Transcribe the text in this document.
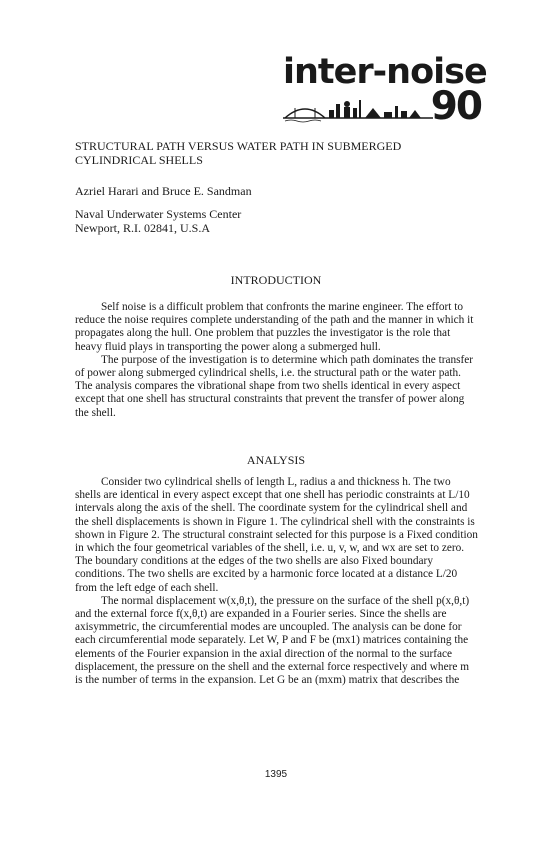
inter-noise
90
STRUCTURAL PATH VERSUS WATER PATH IN SUBMERGED
CYLINDRICAL SHELLS
Azriel Harari and Bruce E. Sandman
Naval Underwater Systems Center
Newport, R.I. 02841, U.S.A
INTRODUCTION

Self noise is a difficult problem that confronts the marine engineer. The effort to reduce the noise requires complete understanding of the path and the manner in which it propagates along the hull. One problem that puzzles the investigator is the role that heavy fluid plays in transporting the power along a submerged hull.

The purpose of the investigation is to determine which path dominates the transfer of power along submerged cylindrical shells, i.e. the structural path or the water path. The analysis compares the vibrational shape from two shells identical in every aspect except that one shell has structural constraints that prevent the transfer of power along the shell.

ANALYSIS

Consider two cylindrical shells of length L, radius a and thickness h. The two shells are identical in every aspect except that one shell has periodic constraints at L/10 intervals along the axis of the shell. The coordinate system for the cylindrical shell and the shell displacements is shown in Figure 1. The cylindrical shell with the constraints is shown in Figure 2. The structural constraint selected for this purpose is a Fixed condition in which the four geometrical variables of the shell, i.e. u, v, w, and wx are set to zero. The boundary conditions at the edges of the two shells are also Fixed boundary conditions. The two shells are excited by a harmonic force located at a distance L/20 from the left edge of each shell.

The normal displacement w(x,θ,t), the pressure on the surface of the shell p(x,θ,t) and the external force f(x,θ,t) are expanded in a Fourier series. Since the shells are axisymmetric, the circumferential modes are uncoupled. The analysis can be done for each circumferential mode separately. Let W, P and F be (mx1) matrices containing the elements of the Fourier expansion in the axial direction of the normal to the surface displacement, the pressure on the shell and the external force respectively and where m is the number of terms in the expansion. Let G be an (mxm) matrix that describes the

1395
